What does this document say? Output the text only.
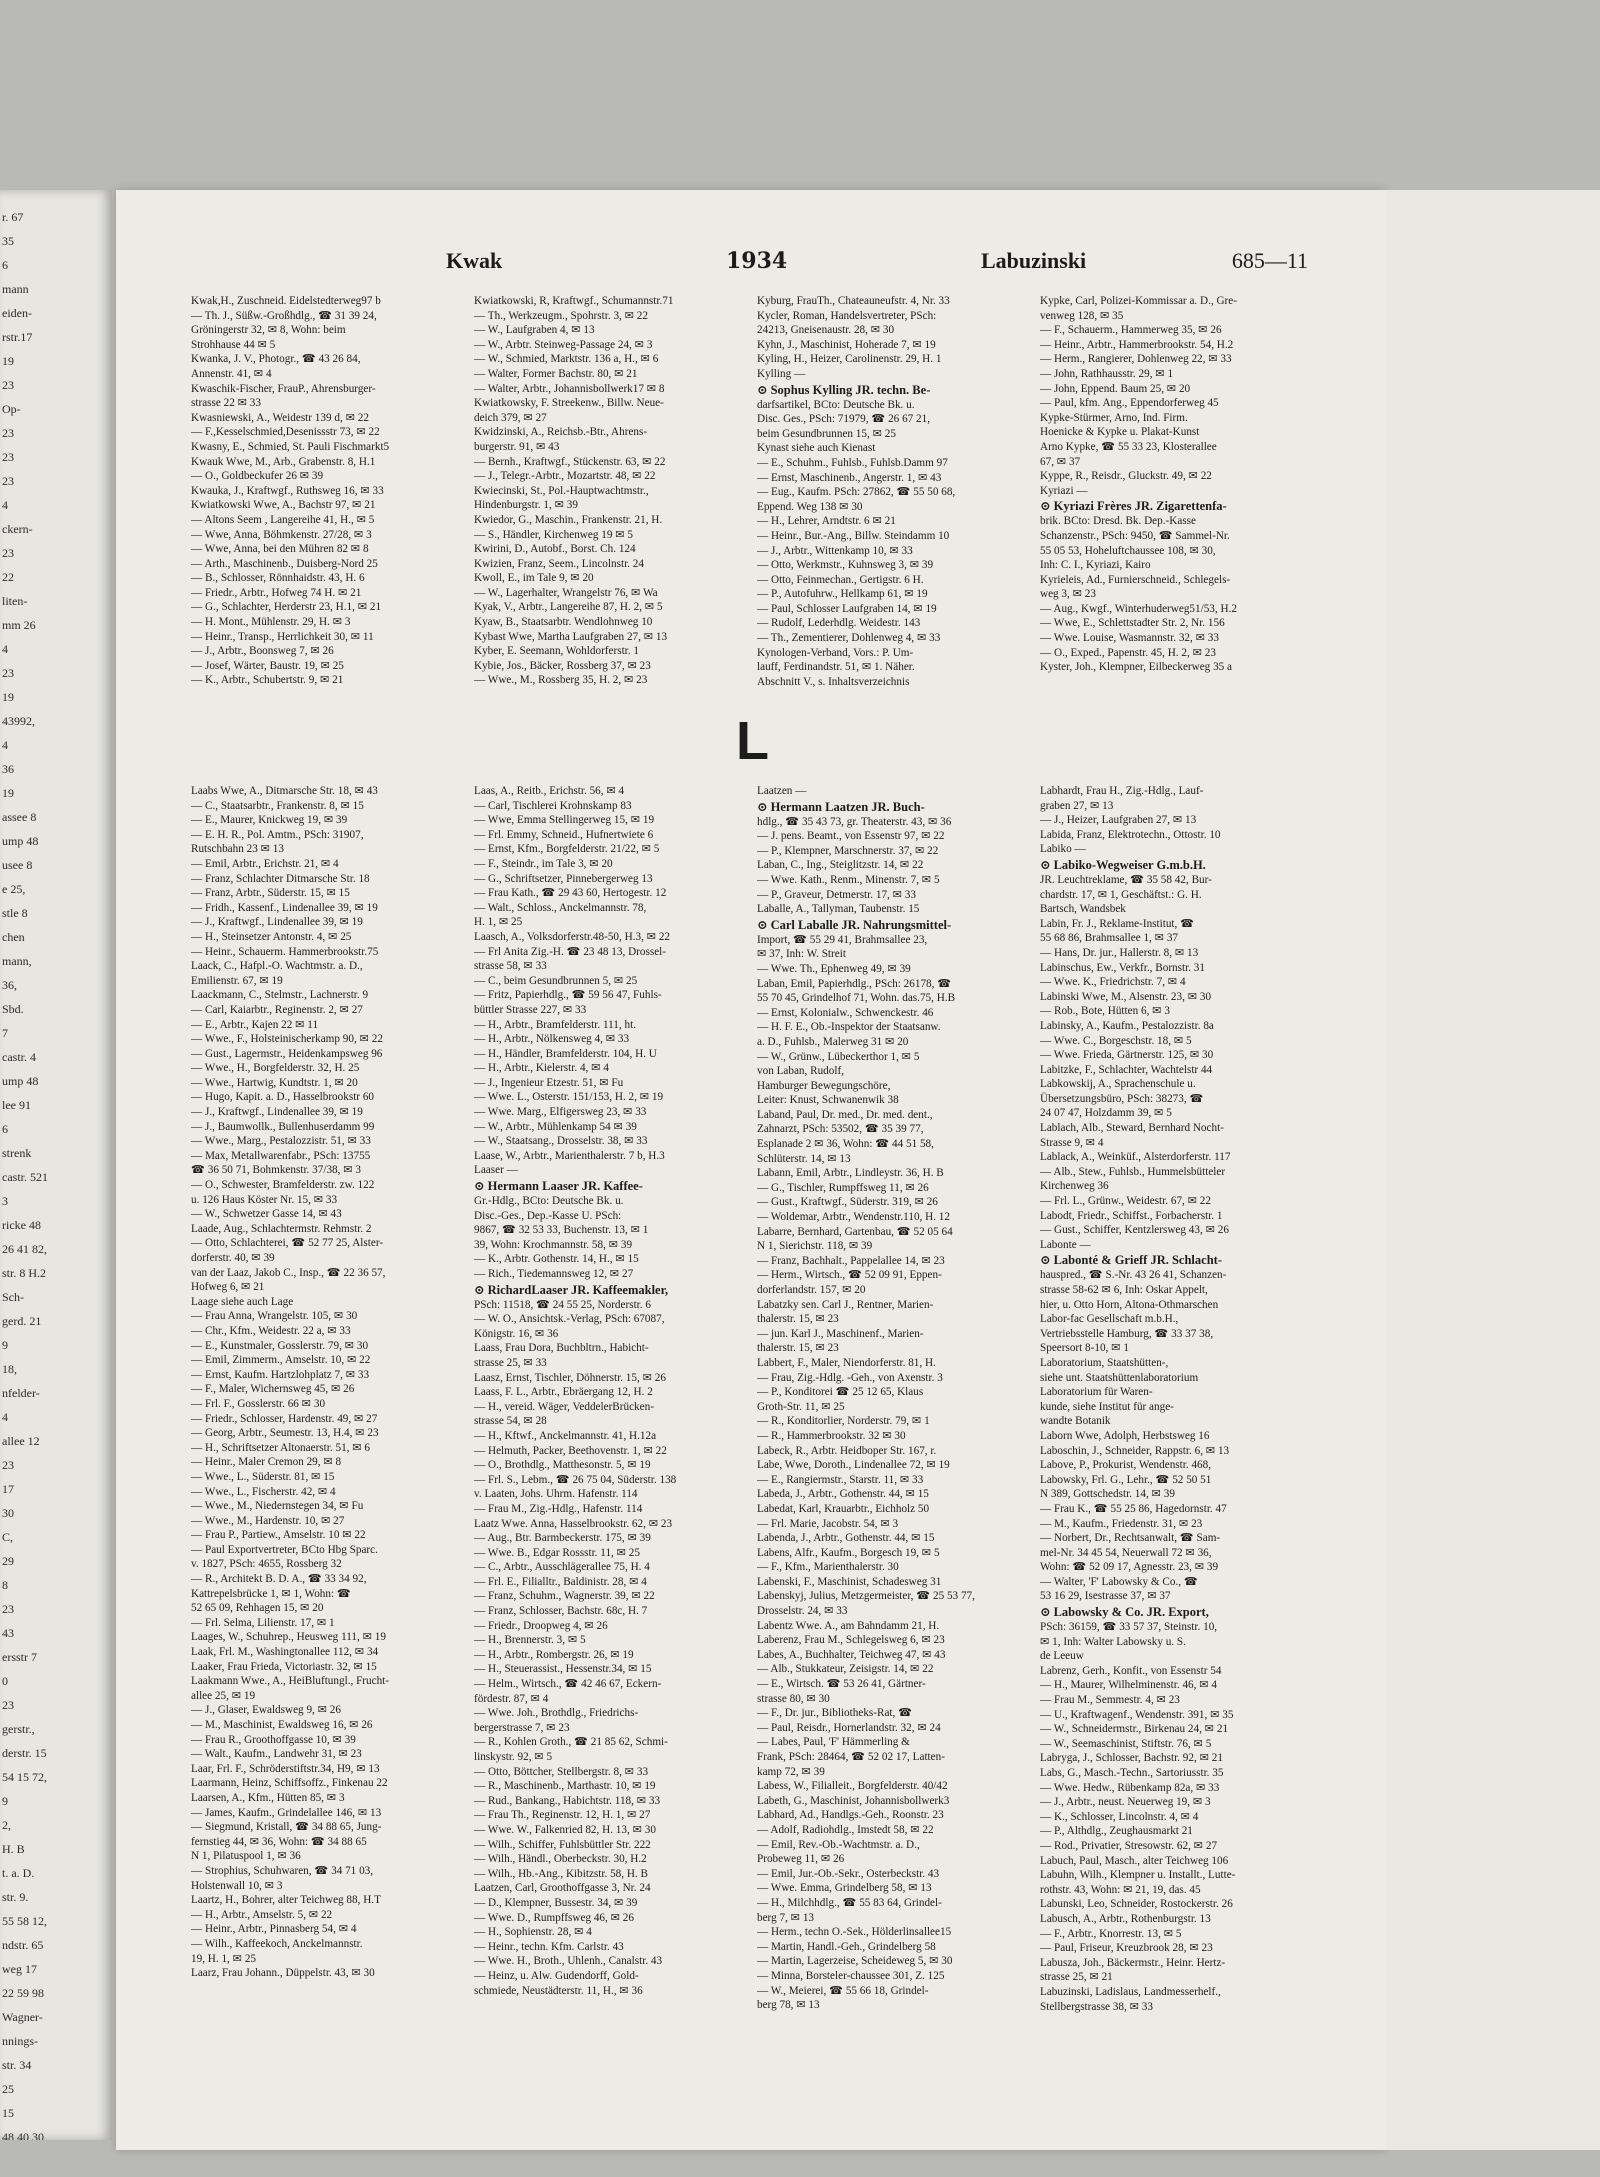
r. 67
35
6
mann
eiden-
rstr.17
19
23
Op-
23
23
23
4
ckern-
23
22
liten-
mm 26
4
23
19
43992,
4
36
19
assee 8
ump 48
usee 8
e 25,
stle 8
chen
mann,
36,
Sbd.
7
castr. 4
ump 48
lee 91
6
strenk
castr. 521
3
ricke 48
26 41 82,
str. 8 H.2
Sch-
gerd. 21
9
18,
nfelder-
4
allee 12
23
17
30
C,
29
8
23
43
ersstr 7
0
23
gerstr.,
derstr. 15
54 15 72,
9
2,
H. B
t. a. D.
str. 9.
55 58 12,
ndstr. 65
weg 17
22 59 98
Wagner-
nnings-
str. 34
25
15
48 40 30
Kwak	1934	Labuzinski	685—11
Kwak,H., Zuschneid. Eidelstedterweg97 b
— Th. J., Süßw.-Großhdlg., ☎ 31 39 24,
Gröningerstr 32, ✉ 8, Wohn: beim
Strohhause 44 ✉ 5
Kwanka, J. V., Photogr., ☎ 43 26 84,
Annenstr. 41, ✉ 4
Kwaschik-Fischer, FrauP., Ahrensburger-
strasse 22 ✉ 33
Kwasniewski, A., Weidestr 139 d, ✉ 22
— F.,Kesselschmied,Desenissstr 73, ✉ 22
Kwasny, E., Schmied, St. Pauli Fischmarkt5
Kwauk Wwe, M., Arb., Grabenstr. 8, H.1
— O., Goldbeckufer 26 ✉ 39
Kwauka, J., Kraftwgf., Ruthsweg 16, ✉ 33
Kwiatkowski Wwe, A., Bachstr 97, ✉ 21
— Altons Seem , Langereihe 41, H., ✉ 5
— Wwe, Anna, Böhmkenstr. 27/28, ✉ 3
— Wwe, Anna, bei den Mühren 82 ✉ 8
— Arth., Maschinenb., Duisberg-Nord 25
— B., Schlosser, Rönnhaidstr. 43, H. 6
— Friedr., Arbtr., Hofweg 74 H. ✉ 21
— G., Schlachter, Herderstr 23, H.1, ✉ 21
— H. Mont., Mühlenstr. 29, H. ✉ 3
— Heinr., Transp., Herrlichkeit 30, ✉ 11
— J., Arbtr., Boonsweg 7, ✉ 26
— Josef, Wärter, Baustr. 19, ✉ 25
— K., Arbtr., Schubertstr. 9, ✉ 21
Kwiatkowski, R, Kraftwgf., Schumannstr.71
— Th., Werkzeugm., Spohrstr. 3, ✉ 22
— W., Laufgraben 4, ✉ 13
— W., Arbtr. Steinweg-Passage 24, ✉ 3
— W., Schmied, Marktstr. 136 a, H., ✉ 6
— Walter, Former Bachstr. 80, ✉ 21
— Walter, Arbtr., Johannisbollwerk17 ✉ 8
Kwiatkowsky, F. Streekenw., Billw. Neue-
deich 379, ✉ 27
Kwidzinski, A., Reichsb.-Btr., Ahrens-
burgerstr. 91, ✉ 43
— Bernh., Kraftwgf., Stückenstr. 63, ✉ 22
— J., Telegr.-Arbtr., Mozartstr. 48, ✉ 22
Kwiecinski, St., Pol.-Hauptwachtmstr.,
Hindenburgstr. 1, ✉ 39
Kwiedor, G., Maschin., Frankenstr. 21, H.
— S., Händler, Kirchenweg 19 ✉ 5
Kwirini, D., Autobf., Borst. Ch. 124
Kwizien, Franz, Seem., Lincolnstr. 24
Kwoll, E., im Tale 9, ✉ 20
— W., Lagerhalter, Wrangelstr 76, ✉ Wa
Kyak, V., Arbtr., Langereihe 87, H. 2, ✉ 5
Kyaw, B., Staatsarbtr. Wendlohnweg 10
Kybast Wwe, Martha Laufgraben 27, ✉ 13
Kyber, E. Seemann, Wohldorferstr. 1
Kybie, Jos., Bäcker, Rossberg 37, ✉ 23
— Wwe., M., Rossberg 35, H. 2, ✉ 23
Kyburg, FrauTh., Chateauneufstr. 4, Nr. 33
Kycler, Roman, Handelsvertreter, PSch:
24213, Gneisenaustr. 28, ✉ 30
Kyhn, J., Maschinist, Hoherade 7, ✉ 19
Kyling, H., Heizer, Carolinenstr. 29, H. 1
Kylling —
⊙ Sophus Kylling JR. techn. Be-
darfsartikel, BCto: Deutsche Bk. u.
Disc. Ges., PSch: 71979, ☎ 26 67 21,
beim Gesundbrunnen 15, ✉ 25
Kynast siehe auch Kienast
— E., Schuhm., Fuhlsb., Fuhlsb.Damm 97
— Ernst, Maschinenb., Angerstr. 1, ✉ 43
— Eug., Kaufm. PSch: 27862, ☎ 55 50 68,
Eppend. Weg 138 ✉ 30
— H., Lehrer, Arndtstr. 6 ✉ 21
— Heinr., Bur.-Ang., Billw. Steindamm 10
— J., Arbtr., Wittenkamp 10, ✉ 33
— Otto, Werkmstr., Kuhnsweg 3, ✉ 39
— Otto, Feinmechan., Gertigstr. 6 H.
— P., Autofuhrw., Hellkamp 61, ✉ 19
— Paul, Schlosser Laufgraben 14, ✉ 19
— Rudolf, Lederhdlg. Weidestr. 143
— Th., Zementierer, Dohlenweg 4, ✉ 33
Kynologen-Verband, Vors.: P. Um-
lauff, Ferdinandstr. 51, ✉ 1. Näher.
Abschnitt V., s. Inhaltsverzeichnis
Kypke, Carl, Polizei-Kommissar a. D., Gre-
venweg 128, ✉ 35
— F., Schauerm., Hammerweg 35, ✉ 26
— Heinr., Arbtr., Hammerbrookstr. 54, H.2
— Herm., Rangierer, Dohlenweg 22, ✉ 33
— John, Rathhausstr. 29, ✉ 1
— John, Eppend. Baum 25, ✉ 20
— Paul, kfm. Ang., Eppendorferweg 45
Kypke-Stürmer, Arno, Ind. Firm.
Hoenicke & Kypke u. Plakat-Kunst
Arno Kypke, ☎ 55 33 23, Klosterallee
67, ✉ 37
Kyppe, R., Reisdr., Gluckstr. 49, ✉ 22
Kyriazi —
⊙ Kyriazi Frères JR. Zigarettenfa-
brik. BCto: Dresd. Bk. Dep.-Kasse
Schanzenstr., PSch: 9450, ☎ Sammel-Nr.
55 05 53, Hoheluftchaussee 108, ✉ 30,
Inh: C. I., Kyriazi, Kairo
Kyrieleis, Ad., Furnierschneid., Schlegels-
weg 3, ✉ 23
— Aug., Kwgf., Winterhuderweg51/53, H.2
— Wwe, E., Schlettstadter Str. 2, Nr. 156
— Wwe. Louise, Wasmannstr. 32, ✉ 33
— O., Exped., Papenstr. 45, H. 2, ✉ 23
Kyster, Joh., Klempner, Eilbeckerweg 35 a
L
Laabs Wwe, A., Ditmarsche Str. 18, ✉ 43
— C., Staatsarbtr., Frankenstr. 8, ✉ 15
— E., Maurer, Knickweg 19, ✉ 39
— E. H. R., Pol. Amtm., PSch: 31907,
Rutschbahn 23 ✉ 13
— Emil, Arbtr., Erichstr. 21, ✉ 4
— Franz, Schlachter Ditmarsche Str. 18
— Franz, Arbtr., Süderstr. 15, ✉ 15
— Fridh., Kassenf., Lindenallee 39, ✉ 19
— J., Kraftwgf., Lindenallee 39, ✉ 19
— H., Steinsetzer Antonstr. 4, ✉ 25
— Heinr., Schauerm. Hammerbrookstr.75
Laack, C., Hafpl.-O. Wachtmstr. a. D.,
Emilienstr. 67, ✉ 19
Laackmann, C., Stelmstr., Lachnerstr. 9
— Carl, Kaiarbtr., Reginenstr. 2, ✉ 27
— E., Arbtr., Kajen 22 ✉ 11
— Wwe., F., Holsteinischerkamp 90, ✉ 22
— Gust., Lagermstr., Heidenkampsweg 96
— Wwe., H., Borgfelderstr. 32, H. 25
— Wwe., Hartwig, Kundtstr. 1, ✉ 20
— Hugo, Kapit. a. D., Hasselbrookstr 60
— J., Kraftwgf., Lindenallee 39, ✉ 19
— J., Baumwollk., Bullenhuserdamm 99
— Wwe., Marg., Pestalozzistr. 51, ✉ 33
— Max, Metallwarenfabr., PSch: 13755
☎ 36 50 71, Bohmkenstr. 37/38, ✉ 3
— O., Schwester, Bramfelderstr. zw. 122
u. 126 Haus Köster Nr. 15, ✉ 33
— W., Schwetzer Gasse 14, ✉ 43
Laade, Aug., Schlachtermstr. Rehmstr. 2
— Otto, Schlachterei, ☎ 52 77 25, Alster-
dorferstr. 40, ✉ 39
van der Laaz, Jakob C., Insp., ☎ 22 36 57,
Hofweg 6, ✉ 21
Laage siehe auch Lage
— Frau Anna, Wrangelstr. 105, ✉ 30
— Chr., Kfm., Weidestr. 22 a, ✉ 33
— E., Kunstmaler, Gosslerstr. 79, ✉ 30
— Emil, Zimmerm., Amselstr. 10, ✉ 22
— Ernst, Kaufm. Hartzlohplatz 7, ✉ 33
— F., Maler, Wichernsweg 45, ✉ 26
— Frl. F., Gosslerstr. 66 ✉ 30
— Friedr., Schlosser, Hardenstr. 49, ✉ 27
— Georg, Arbtr., Seumestr. 13, H.4, ✉ 23
— H., Schriftsetzer Altonaerstr. 51, ✉ 6
— Heinr., Maler Cremon 29, ✉ 8
— Wwe., L., Süderstr. 81, ✉ 15
— Wwe., L., Fischerstr. 42, ✉ 4
— Wwe., M., Niedernstegen 34, ✉ Fu
— Wwe., M., Hardenstr. 10, ✉ 27
— Frau P., Partiew., Amselstr. 10 ✉ 22
— Paul Exportvertreter, BCto Hbg Sparc.
v. 1827, PSch: 4655, Rossberg 32
— R., Architekt B. D. A., ☎ 33 34 92,
Kattrepelsbrücke 1, ✉ 1, Wohn: ☎
52 65 09, Rehhagen 15, ✉ 20
— Frl. Selma, Lilienstr. 17, ✉ 1
Laages, W., Schuhrep., Heusweg 111, ✉ 19
Laak, Frl. M., Washingtonallee 112, ✉ 34
Laaker, Frau Frieda, Victoriastr. 32, ✉ 15
Laakmann Wwe., A., HeiBluftungl., Frucht-
allee 25, ✉ 19
— J., Glaser, Ewaldsweg 9, ✉ 26
— M., Maschinist, Ewaldsweg 16, ✉ 26
— Frau R., Groothoffgasse 10, ✉ 39
— Walt., Kaufm., Landwehr 31, ✉ 23
Laar, Frl. F., Schröderstiftstr.34, H9, ✉ 13
Laarmann, Heinz, Schiffsoffz., Finkenau 22
Laarsen, A., Kfm., Hütten 85, ✉ 3
— James, Kaufm., Grindelallee 146, ✉ 13
— Siegmund, Kristall, ☎ 34 88 65, Jung-
fernstieg 44, ✉ 36, Wohn: ☎ 34 88 65
N 1, Pilatuspool 1, ✉ 36
— Strophius, Schuhwaren, ☎ 34 71 03,
Holstenwall 10, ✉ 3
Laartz, H., Bohrer, alter Teichweg 88, H.T
— H., Arbtr., Amselstr. 5, ✉ 22
— Heinr., Arbtr., Pinnasberg 54, ✉ 4
— Wilh., Kaffeekoch, Anckelmannstr.
19, H. 1, ✉ 25
Laarz, Frau Johann., Düppelstr. 43, ✉ 30
Laas, A., Reitb., Erichstr. 56, ✉ 4
— Carl, Tischlerei Krohnskamp 83
— Wwe, Emma Stellingerweg 15, ✉ 19
— Frl. Emmy, Schneid., Hufnertwiete 6
— Ernst, Kfm., Borgfelderstr. 21/22, ✉ 5
— F., Steindr., im Tale 3, ✉ 20
— G., Schriftsetzer, Pinnebergerweg 13
— Frau Kath., ☎ 29 43 60, Hertogestr. 12
— Walt., Schloss., Anckelmannstr. 78,
H. 1, ✉ 25
Laasch, A., Volksdorferstr.48-50, H.3, ✉ 22
— Frl Anita Zig.-H. ☎ 23 48 13, Drossel-
strasse 58, ✉ 33
— C., beim Gesundbrunnen 5, ✉ 25
— Fritz, Papierhdlg., ☎ 59 56 47, Fuhls-
büttler Strasse 227, ✉ 33
— H., Arbtr., Bramfelderstr. 111, ht.
— H., Arbtr., Nölkensweg 4, ✉ 33
— H., Händler, Bramfelderstr. 104, H. U
— H., Arbtr., Kielerstr. 4, ✉ 4
— J., Ingenieur Etzestr. 51, ✉ Fu
— Wwe. L., Osterstr. 151/153, H. 2, ✉ 19
— Wwe. Marg., Elfigersweg 23, ✉ 33
— W., Arbtr., Mühlenkamp 54 ✉ 39
— W., Staatsang., Drosselstr. 38, ✉ 33
Laase, W., Arbtr., Marienthalerstr. 7 b, H.3
Laaser —
⊙ Hermann Laaser JR. Kaffee-
Gr.-Hdlg., BCto: Deutsche Bk. u.
Disc.-Ges., Dep.-Kasse U. PSch:
9867, ☎ 32 53 33, Buchenstr. 13, ✉ 1
39, Wohn: Krochmannstr. 58, ✉ 39
— K., Arbtr. Gothenstr. 14, H., ✉ 15
— Rich., Tiedemannsweg 12, ✉ 27
⊙ RichardLaaser JR. Kaffeemakler,
PSch: 11518, ☎ 24 55 25, Norderstr. 6
— W. O., Ansichtsk.-Verlag, PSch: 67087,
Königstr. 16, ✉ 36
Laass, Frau Dora, Buchbltrn., Habicht-
strasse 25, ✉ 33
Laasz, Ernst, Tischler, Döhnerstr. 15, ✉ 26
Laass, F. L., Arbtr., Ebräergang 12, H. 2
— H., vereid. Wäger, VeddelerBrücken-
strasse 54, ✉ 28
— H., Kftwf., Anckelmannstr. 41, H.12a
— Helmuth, Packer, Beethovenstr. 1, ✉ 22
— O., Brothdlg., Matthesonstr. 5, ✉ 19
— Frl. S., Lebm., ☎ 26 75 04, Süderstr. 138
v. Laaten, Johs. Uhrm. Hafenstr. 114
— Frau M., Zig.-Hdlg., Hafenstr. 114
Laatz Wwe. Anna, Hasselbrookstr. 62, ✉ 23
— Aug., Btr. Barmbeckerstr. 175, ✉ 39
— Wwe. B., Edgar Rossstr. 11, ✉ 25
— C., Arbtr., Ausschlägerallee 75, H. 4
— Frl. E., Filialltr., Baldinistr. 28, ✉ 4
— Franz, Schuhm., Wagnerstr. 39, ✉ 22
— Franz, Schlosser, Bachstr. 68c, H. 7
— Friedr., Droopweg 4, ✉ 26
— H., Brennerstr. 3, ✉ 5
— H., Arbtr., Rombergstr. 26, ✉ 19
— H., Steuerassist., Hessenstr.34, ✉ 15
— Helm., Wirtsch., ☎ 42 46 67, Eckern-
fördestr. 87, ✉ 4
— Wwe. Joh., Brothdlg., Friedrichs-
bergerstrasse 7, ✉ 23
— R., Kohlen Groth., ☎ 21 85 62, Schmi-
linskystr. 92, ✉ 5
— Otto, Böttcher, Stellbergstr. 8, ✉ 33
— R., Maschinenb., Marthastr. 10, ✉ 19
— Rud., Bankang., Habichtstr. 118, ✉ 33
— Frau Th., Reginenstr. 12, H. 1, ✉ 27
— Wwe. W., Falkenried 82, H. 13, ✉ 30
— Wilh., Schiffer, Fuhlsbüttler Str. 222
— Wilh., Händl., Oberbeckstr. 30, H.2
— Wilh., Hb.-Ang., Kibitzstr. 58, H. B
Laatzen, Carl, Groothoffgasse 3, Nr. 24
— D., Klempner, Bussestr. 34, ✉ 39
— Wwe. D., Rumpffsweg 46, ✉ 26
— H., Sophienstr. 28, ✉ 4
— Heinr., techn. Kfm. Carlstr. 43
— Wwe. H., Broth., Uhlenh., Canalstr. 43
— Heinz, u. Alw. Gudendorff, Gold-
schmiede, Neustädterstr. 11, H., ✉ 36
Laatzen —
⊙ Hermann Laatzen JR. Buch-
hdlg., ☎ 35 43 73, gr. Theaterstr. 43, ✉ 36
— J. pens. Beamt., von Essenstr 97, ✉ 22
— P., Klempner, Marschnerstr. 37, ✉ 22
Laban, C., Ing., Steiglitzstr. 14, ✉ 22
— Wwe. Kath., Renm., Minenstr. 7, ✉ 5
— P., Graveur, Detmerstr. 17, ✉ 33
Laballe, A., Tallyman, Taubenstr. 15
⊙ Carl Laballe JR. Nahrungsmittel-
Import, ☎ 55 29 41, Brahmsallee 23,
✉ 37, Inh: W. Streit
— Wwe. Th., Ephenweg 49, ✉ 39
Laban, Emil, Papierhdlg., PSch: 26178, ☎
55 70 45, Grindelhof 71, Wohn. das.75, H.B
— Ernst, Kolonialw., Schwenckestr. 46
— H. F. E., Ob.-Inspektor der Staatsanw.
a. D., Fuhlsb., Malerweg 31 ✉ 20
— W., Grünw., Lübeckerthor 1, ✉ 5
von Laban, Rudolf,
Hamburger Bewegungschöre,
Leiter: Knust, Schwanenwik 38
Laband, Paul, Dr. med., Dr. med. dent.,
Zahnarzt, PSch: 53502, ☎ 35 39 77,
Esplanade 2 ✉ 36, Wohn: ☎ 44 51 58,
Schlüterstr. 14, ✉ 13
Labann, Emil, Arbtr., Lindleystr. 36, H. B
— G., Tischler, Rumpffsweg 11, ✉ 26
— Gust., Kraftwgf., Süderstr. 319, ✉ 26
— Woldemar, Arbtr., Wendenstr.110, H. 12
Labarre, Bernhard, Gartenbau, ☎ 52 05 64
N 1, Sierichstr. 118, ✉ 39
— Franz, Bachhalt., Pappelallee 14, ✉ 23
— Herm., Wirtsch., ☎ 52 09 91, Eppen-
dorferlandstr. 157, ✉ 20
Labatzky sen. Carl J., Rentner, Marien-
thalerstr. 15, ✉ 23
— jun. Karl J., Maschinenf., Marien-
thalerstr. 15, ✉ 23
Labbert, F., Maler, Niendorferstr. 81, H.
— Frau, Zig.-Hdlg. -Geh., von Axenstr. 3
— P., Konditorei ☎ 25 12 65, Klaus
Groth-Str. 11, ✉ 25
— R., Konditorlier, Norderstr. 79, ✉ 1
— R., Hammerbrookstr. 32 ✉ 30
Labeck, R., Arbtr. Heidboper Str. 167, r.
Labe, Wwe, Doroth., Lindenallee 72, ✉ 19
— E., Rangiermstr., Starstr. 11, ✉ 33
Labeda, J., Arbtr., Gothenstr. 44, ✉ 15
Labedat, Karl, Krauarbtr., Eichholz 50
— Frl. Marie, Jacobstr. 54, ✉ 3
Labenda, J., Arbtr., Gothenstr. 44, ✉ 15
Labens, Alfr., Kaufm., Borgesch 19, ✉ 5
— F., Kfm., Marienthalerstr. 30
Labenski, F., Maschinist, Schadesweg 31
Labenskyj, Julius, Metzgermeister, ☎ 25 53 77,
Drosselstr. 24, ✉ 33
Labentz Wwe. A., am Bahndamm 21, H.
Laberenz, Frau M., Schlegelsweg 6, ✉ 23
Labes, A., Buchhalter, Teichweg 47, ✉ 43
— Alb., Stukkateur, Zeisigstr. 14, ✉ 22
— E., Wirtsch. ☎ 53 26 41, Gärtner-
strasse 80, ✉ 30
— F., Dr. jur., Bibliotheks-Rat, ☎
— Paul, Reisdr., Hornerlandstr. 32, ✉ 24
— Labes, Paul, 'F' Hämmerling &
Frank, PSch: 28464, ☎ 52 02 17, Latten-
kamp 72, ✉ 39
Labess, W., Filialleit., Borgfelderstr. 40/42
Labeth, G., Maschinist, Johannisbollwerk3
Labhard, Ad., Handlgs.-Geh., Roonstr. 23
— Adolf, Radiohdlg., Imstedt 58, ✉ 22
— Emil, Rev.-Ob.-Wachtmstr. a. D.,
Probeweg 11, ✉ 26
— Emil, Jur.-Ob.-Sekr., Osterbeckstr. 43
— Wwe. Emma, Grindelberg 58, ✉ 13
— H., Milchhdlg., ☎ 55 83 64, Grindel-
berg 7, ✉ 13
— Herm., techn O.-Sek., Hölderlinsallee15
— Martin, Handl.-Geh., Grindelberg 58
— Martin, Lagerzeise, Scheideweg 5, ✉ 30
— Minna, Borsteler-chaussee 301, Z. 125
— W., Meierei, ☎ 55 66 18, Grindel-
berg 78, ✉ 13
Labhardt, Frau H., Zig.-Hdlg., Lauf-
graben 27, ✉ 13
— J., Heizer, Laufgraben 27, ✉ 13
Labida, Franz, Elektrotechn., Ottostr. 10
Labiko —
⊙ Labiko-Wegweiser G.m.b.H.
JR. Leuchtreklame, ☎ 35 58 42, Bur-
chardstr. 17, ✉ 1, Geschäftst.: G. H.
Bartsch, Wandsbek
Labin, Fr. J., Reklame-Institut, ☎
55 68 86, Brahmsallee 1, ✉ 37
— Hans, Dr. jur., Hallerstr. 8, ✉ 13
Labinschus, Ew., Verkfr., Bornstr. 31
— Wwe. K., Friedrichstr. 7, ✉ 4
Labinski Wwe, M., Alsenstr. 23, ✉ 30
— Rob., Bote, Hütten 6, ✉ 3
Labinsky, A., Kaufm., Pestalozzistr. 8a
— Wwe. C., Borgeschstr. 18, ✉ 5
— Wwe. Frieda, Gärtnerstr. 125, ✉ 30
Labitzke, F., Schlachter, Wachtelstr 44
Labkowskij, A., Sprachenschule u.
Übersetzungsbüro, PSch: 38273, ☎
24 07 47, Holzdamm 39, ✉ 5
Lablach, Alb., Steward, Bernhard Nocht-
Strasse 9, ✉ 4
Lablack, A., Weinküf., Alsterdorferstr. 117
— Alb., Stew., Fuhlsb., Hummelsbütteler
Kirchenweg 36
— Frl. L., Grünw., Weidestr. 67, ✉ 22
Labodt, Friedr., Schiffst., Forbacherstr. 1
— Gust., Schiffer, Kentzlersweg 43, ✉ 26
Labonte —
⊙ Labonté & Grieff JR. Schlacht-
hauspred., ☎ S.-Nr. 43 26 41, Schanzen-
strasse 58-62 ✉ 6, Inh: Oskar Appelt,
hier, u. Otto Horn, Altona-Othmarschen
Labor-fac Gesellschaft m.b.H.,
Vertriebsstelle Hamburg, ☎ 33 37 38,
Speersort 8-10, ✉ 1
Laboratorium, Staatshütten-,
siehe unt. Staatshüttenlaboratorium
Laboratorium für Waren-
kunde, siehe Institut für ange-
wandte Botanik
Laborn Wwe, Adolph, Herbstsweg 16
Laboschin, J., Schneider, Rappstr. 6, ✉ 13
Labove, P., Prokurist, Wendenstr. 468,
Labowsky, Frl. G., Lehr., ☎ 52 50 51
N 389, Gottschedstr. 14, ✉ 39
— Frau K., ☎ 55 25 86, Hagedornstr. 47
— M., Kaufm., Friedenstr. 31, ✉ 23
— Norbert, Dr., Rechtsanwalt, ☎ Sam-
mel-Nr. 34 45 54, Neuerwall 72 ✉ 36,
Wohn: ☎ 52 09 17, Agnesstr. 23, ✉ 39
— Walter, 'F' Labowsky & Co., ☎
53 16 29, Isestrasse 37, ✉ 37
⊙ Labowsky & Co. JR. Export,
PSch: 36159, ☎ 33 57 37, Steinstr. 10,
✉ 1, Inh: Walter Labowsky u. S.
de Leeuw
Labrenz, Gerh., Konfit., von Essenstr 54
— H., Maurer, Wilhelminenstr. 46, ✉ 4
— Frau M., Semmestr. 4, ✉ 23
— U., Kraftwagenf., Wendenstr. 391, ✉ 35
— W., Schneidermstr., Birkenau 24, ✉ 21
— W., Seemaschinist, Stiftstr. 76, ✉ 5
Labryga, J., Schlosser, Bachstr. 92, ✉ 21
Labs, G., Masch.-Techn., Sartoriusstr. 35
— Wwe. Hedw., Rübenkamp 82a, ✉ 33
— J., Arbtr., neust. Neuerweg 19, ✉ 3
— K., Schlosser, Lincolnstr. 4, ✉ 4
— P., Althdlg., Zeughausmarkt 21
— Rod., Privatier, Stresowstr. 62, ✉ 27
Labuch, Paul, Masch., alter Teichweg 106
Labuhn, Wilh., Klempner u. Installt., Lutte-
rothstr. 43, Wohn: ✉ 21, 19, das. 45
Labunski, Leo, Schneider, Rostockerstr. 26
Labusch, A., Arbtr., Rothenburgstr. 13
— F., Arbtr., Knorrestr. 13, ✉ 5
— Paul, Friseur, Kreuzbrook 28, ✉ 23
Labusza, Joh., Bäckermstr., Heinr. Hertz-
strasse 25, ✉ 21
Labuzinski, Ladislaus, Landmesserhelf.,
Stellbergstrasse 38, ✉ 33
